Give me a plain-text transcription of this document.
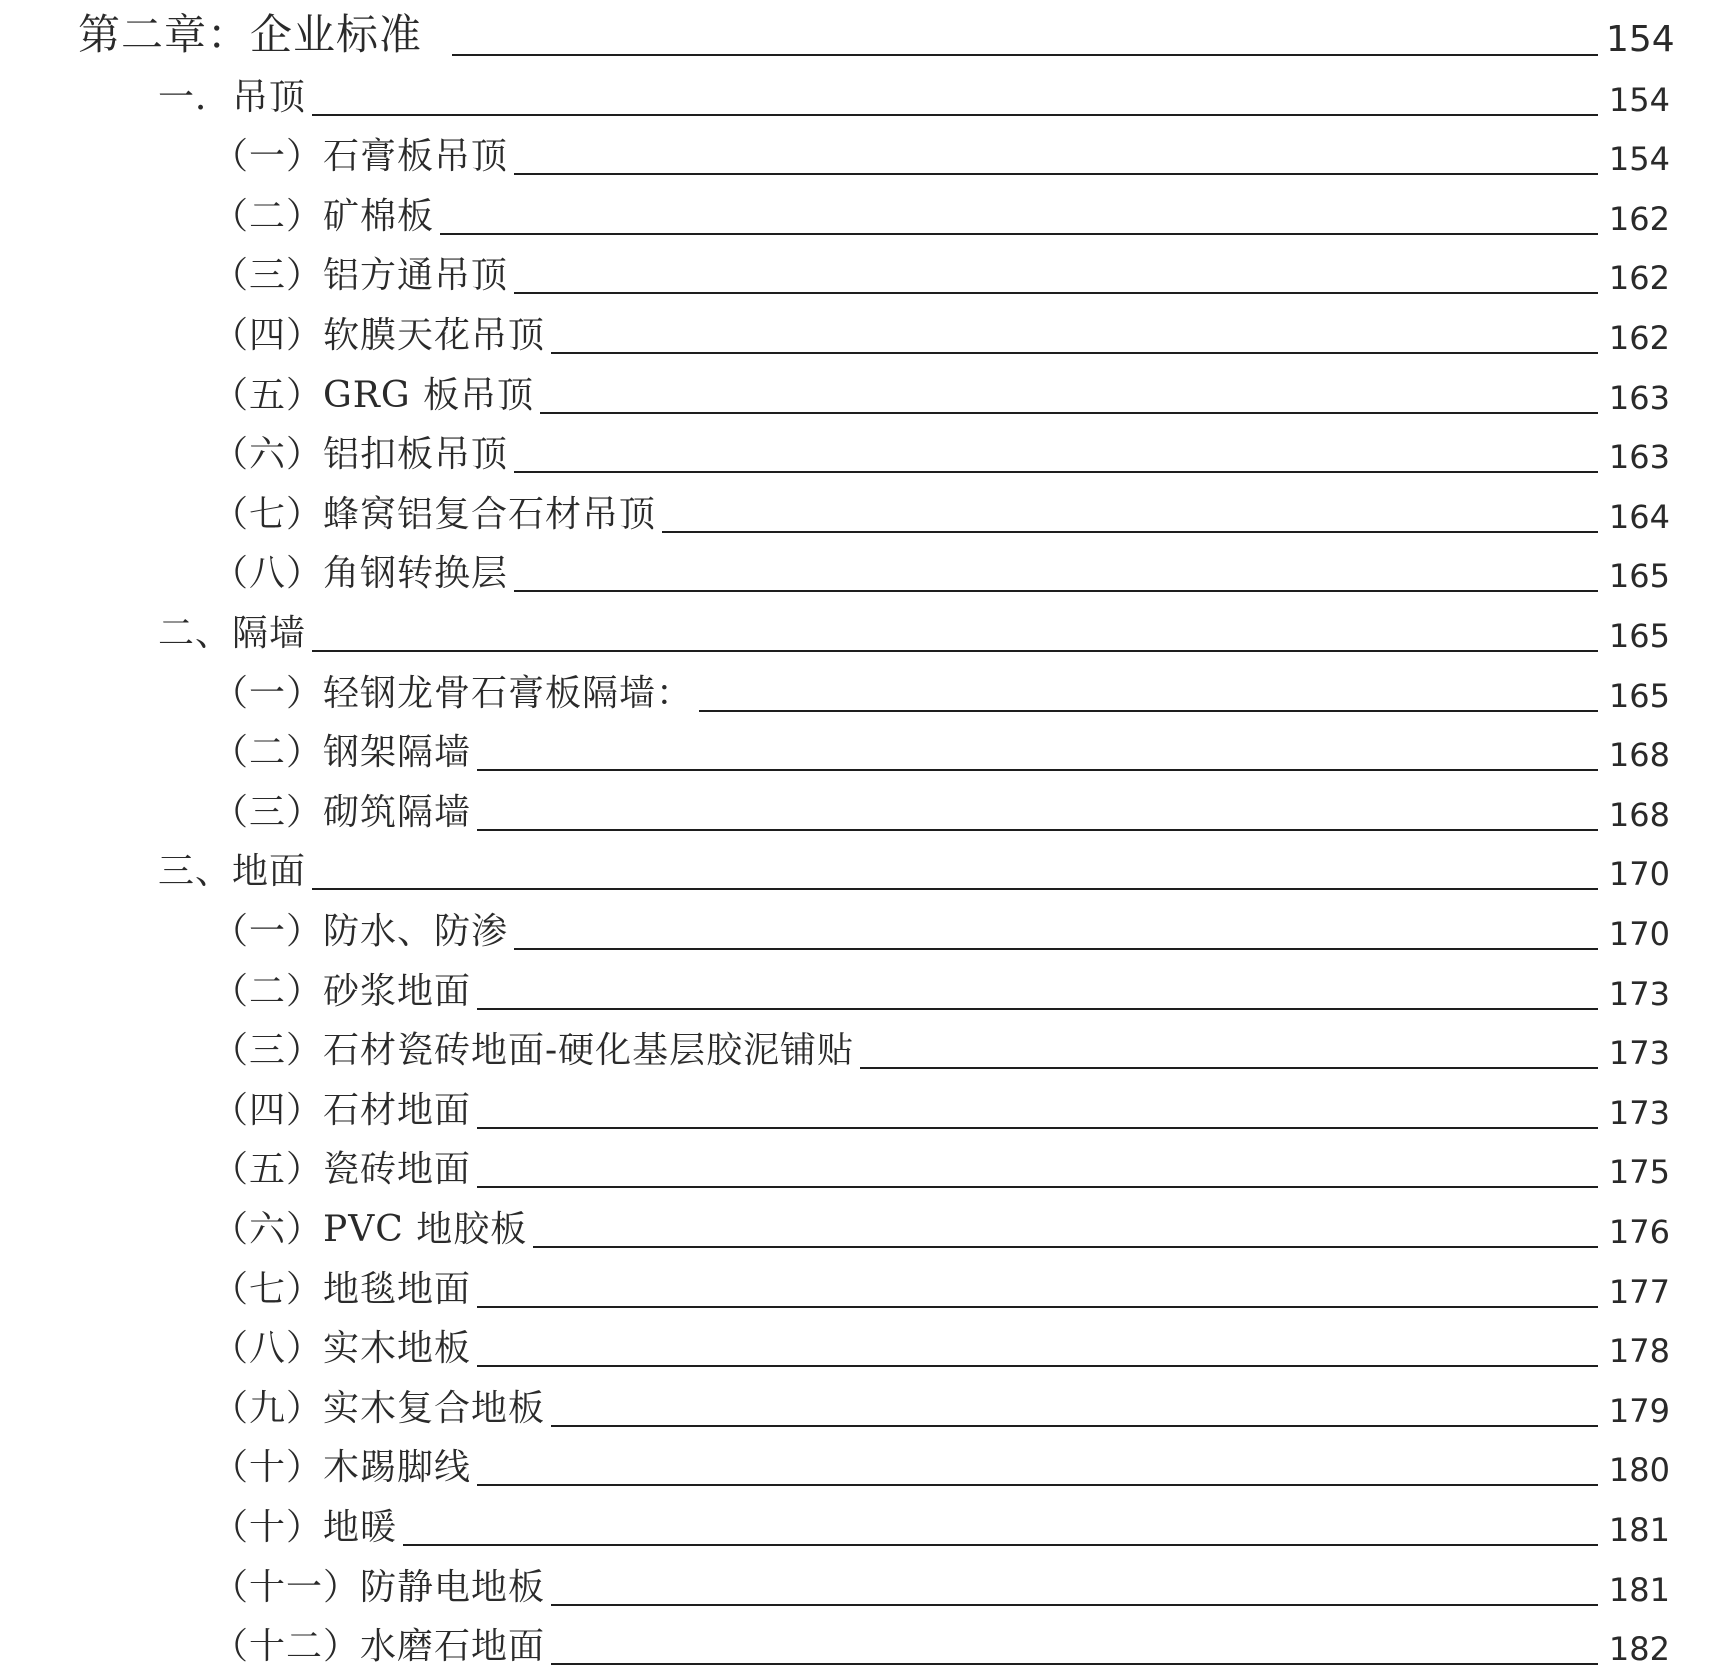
第二章：企业标准	154
一．吊顶	154
（一）石膏板吊顶	154
（二）矿棉板	162
（三）铝方通吊顶	162
（四）软膜天花吊顶	162
（五）GRG 板吊顶	163
（六）铝扣板吊顶	163
（七）蜂窝铝复合石材吊顶	164
（八）角钢转换层	165
二、隔墙	165
（一）轻钢龙骨石膏板隔墙：	165
（二）钢架隔墙	168
（三）砌筑隔墙	168
三、地面	170
（一）防水、防渗	170
（二）砂浆地面	173
（三）石材瓷砖地面-硬化基层胶泥铺贴	173
（四）石材地面	173
（五）瓷砖地面	175
（六）PVC 地胶板	176
（七）地毯地面	177
（八）实木地板	178
（九）实木复合地板	179
（十）木踢脚线	180
（十）地暖	181
（十一）防静电地板	181
（十二）水磨石地面	182
